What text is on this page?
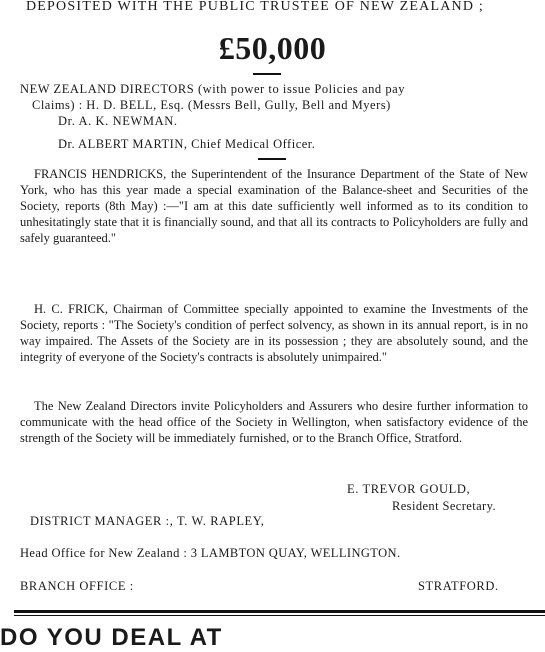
DEPOSITED WITH THE PUBLIC TRUSTEE OF NEW ZEALAND ;
£50,000
NEW ZEALAND DIRECTORS (with power to issue Policies and pay
Claims) : H. D. BELL, Esq. (Messrs Bell, Gully, Bell and Myers)
Dr. A. K. NEWMAN.
Dr. ALBERT MARTIN, Chief Medical Officer.
FRANCIS HENDRICKS, the Superintendent of the Insurance Department of the State of New York, who has this year made a special examination of the Balance-sheet and Securities of the Society, reports (8th May) :—"I am at this date sufficiently well informed as to its condition to unhesitatingly state that it is financially sound, and that all its contracts to Policyholders are fully and safely guaranteed."
H. C. FRICK, Chairman of Committee specially appointed to examine the Investments of the Society, reports : "The Society's condition of perfect solvency, as shown in its annual report, is in no way impaired. The Assets of the Society are in its possession ; they are absolutely sound, and the integrity of everyone of the Society's contracts is absolutely unimpaired."
The New Zealand Directors invite Policyholders and Assurers who desire further information to communicate with the head office of the Society in Wellington, when satisfactory evidence of the strength of the Society will be immediately furnished, or to the Branch Office, Stratford.
E. TREVOR GOULD,
Resident Secretary.
DISTRICT MANAGER :, T. W. RAPLEY,
Head Office for New Zealand : 3 LAMBTON QUAY, WELLINGTON.
BRANCH OFFICE :	STRATFORD.
DO YOU DEAL AT
